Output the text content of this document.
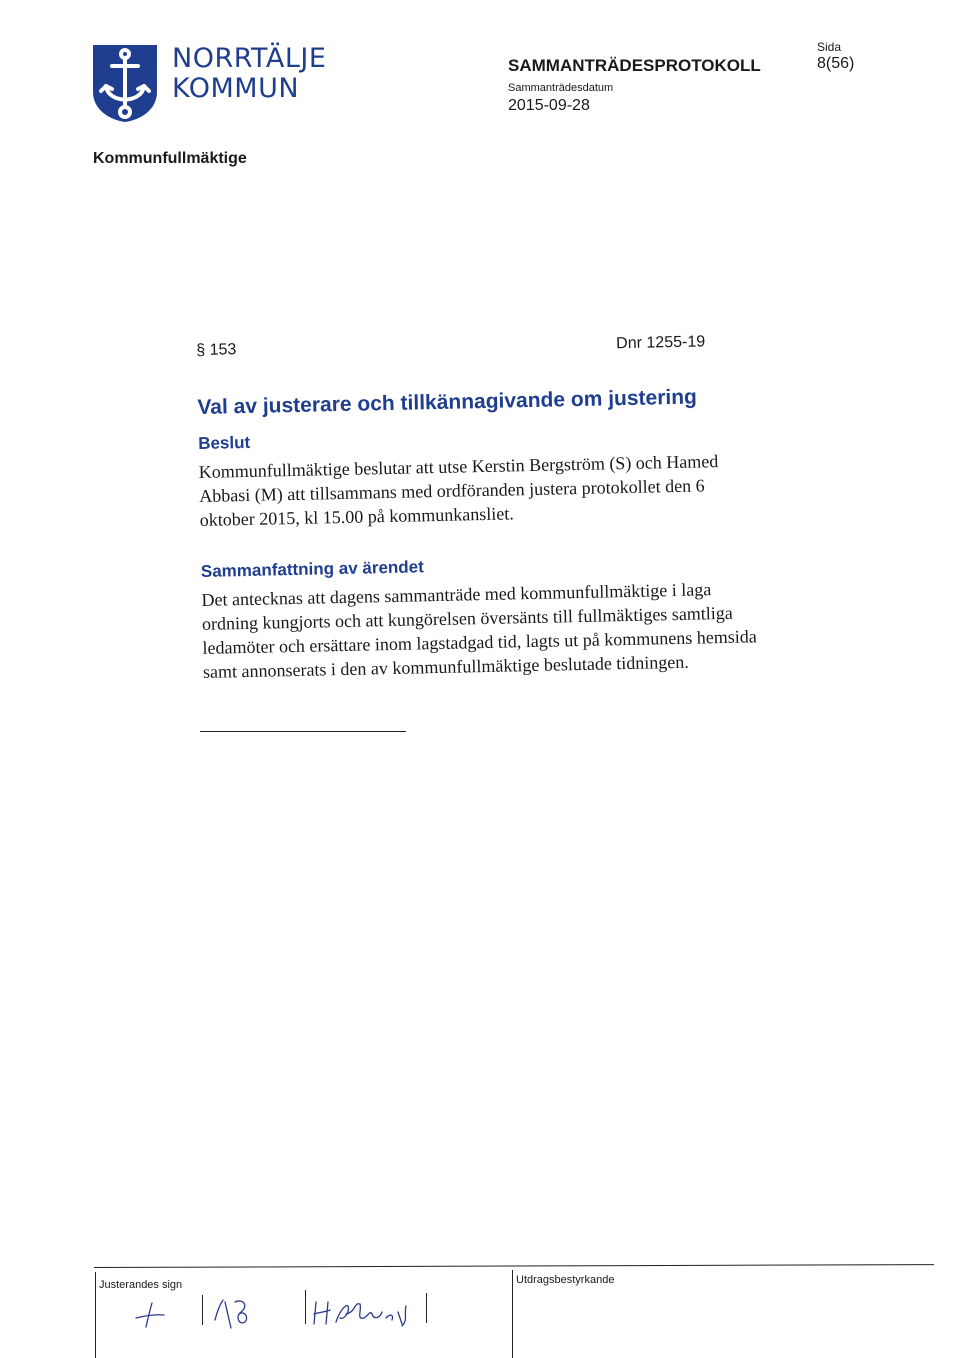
NORRTÄLJE
KOMMUN
SAMMANTRÄDESPROTOKOLL
Sammanträdesdatum
2015-09-28
Sida
8(56)
Kommunfullmäktige
§ 153	Dnr 1255-19
Val av justerare och tillkännagivande om justering
Beslut
Kommunfullmäktige beslutar att utse Kerstin Bergström (S) och Hamed
Abbasi (M) att tillsammans med ordföranden justera protokollet den 6
oktober 2015, kl 15.00 på kommunkansliet.
Sammanfattning av ärendet
Det antecknas att dagens sammanträde med kommunfullmäktige i laga
ordning kungjorts och att kungörelsen översänts till fullmäktiges samtliga
ledamöter och ersättare inom lagstadgad tid, lagts ut på kommunens hemsida
samt annonserats i den av kommunfullmäktige beslutade tidningen.
Justerandes sign	Utdragsbestyrkande
